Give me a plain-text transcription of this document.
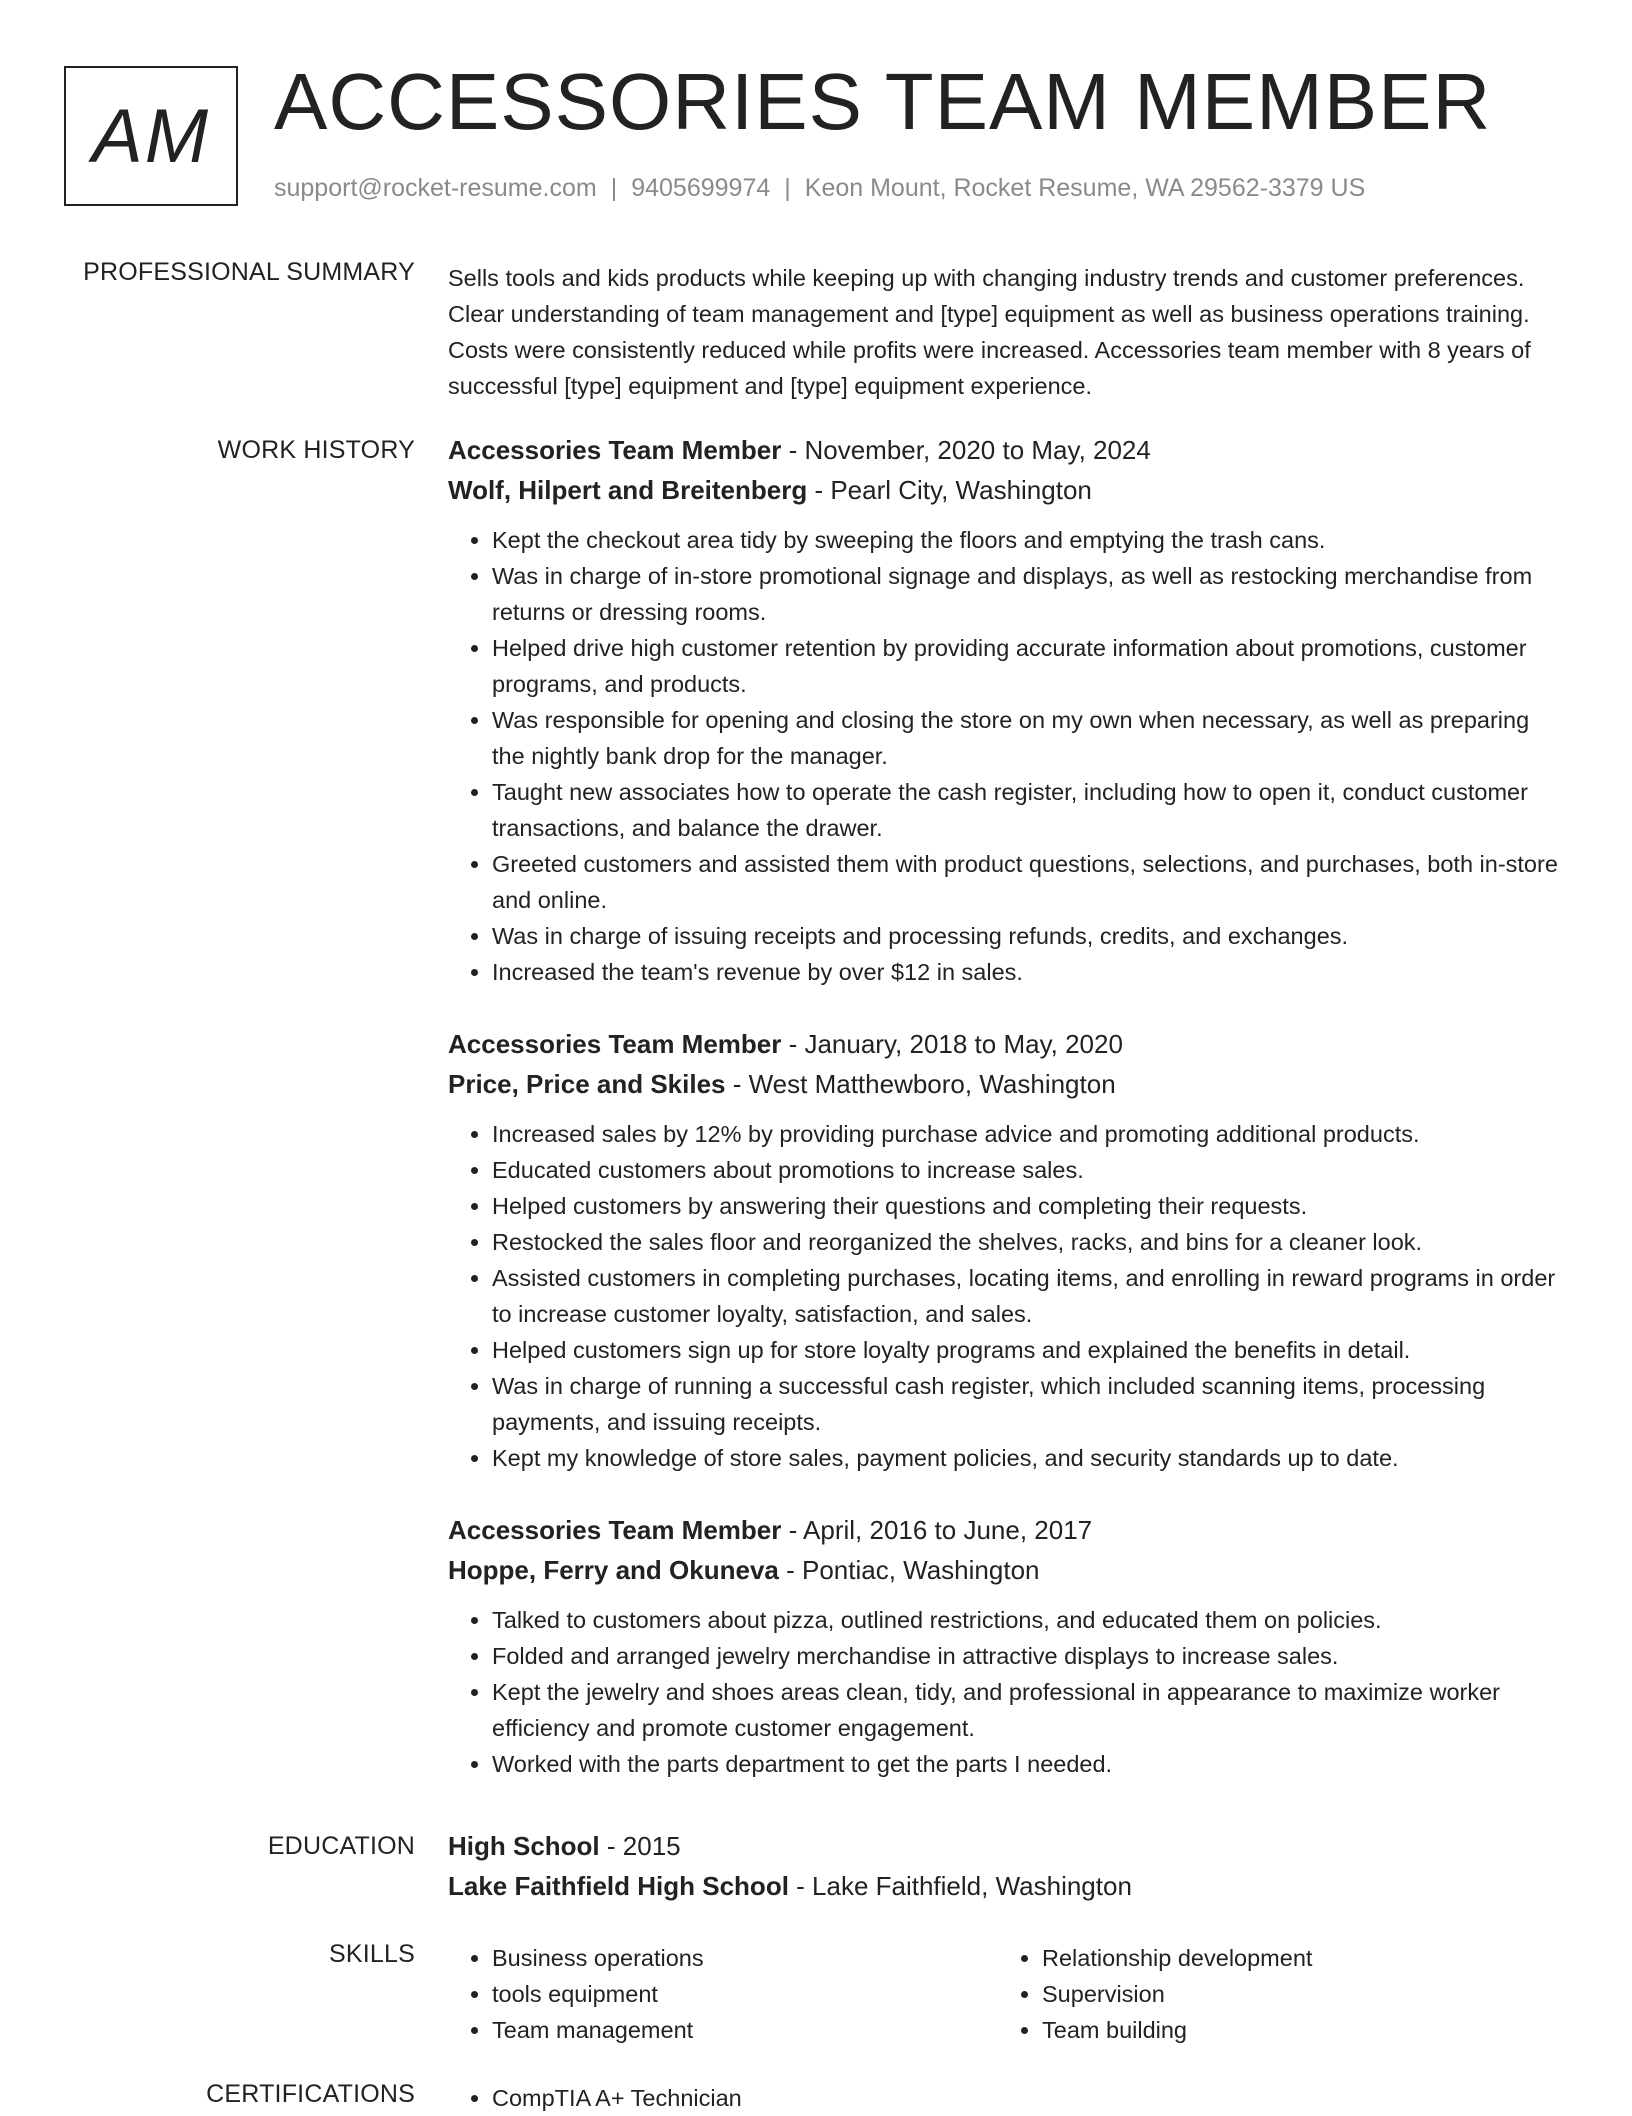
AM ACCESSORIES TEAM MEMBER
support@rocket-resume.com | 9405699974 | Keon Mount, Rocket Resume, WA 29562-3379 US
PROFESSIONAL SUMMARY Sells tools and kids products while keeping up with changing industry trends and customer preferences. Clear understanding of team management and [type] equipment as well as business operations training. Costs were consistently reduced while profits were increased. Accessories team member with 8 years of successful [type] equipment and [type] equipment experience.
WORK HISTORY Accessories Team Member - November, 2020 to May, 2024

Wolf, Hilpert and Breitenberg - Pearl City, Washington

• Kept the checkout area tidy by sweeping the floors and emptying the trash cans.
• Was in charge of in-store promotional signage and displays, as well as restocking merchandise from returns or dressing rooms.
• Helped drive high customer retention by providing accurate information about promotions, customer programs, and products.
• Was responsible for opening and closing the store on my own when necessary, as well as preparing the nightly bank drop for the manager.
• Taught new associates how to operate the cash register, including how to open it, conduct customer transactions, and balance the drawer.
• Greeted customers and assisted them with product questions, selections, and purchases, both in-store and online.
• Was in charge of issuing receipts and processing refunds, credits, and exchanges.
• Increased the team's revenue by over $12 in sales.

Accessories Team Member - January, 2018 to May, 2020

Price, Price and Skiles - West Matthewboro, Washington

• Increased sales by 12% by providing purchase advice and promoting additional products.
• Educated customers about promotions to increase sales.
• Helped customers by answering their questions and completing their requests.
• Restocked the sales floor and reorganized the shelves, racks, and bins for a cleaner look.
• Assisted customers in completing purchases, locating items, and enrolling in reward programs in order to increase customer loyalty, satisfaction, and sales.
• Helped customers sign up for store loyalty programs and explained the benefits in detail.
• Was in charge of running a successful cash register, which included scanning items, processing payments, and issuing receipts.
• Kept my knowledge of store sales, payment policies, and security standards up to date.

Accessories Team Member - April, 2016 to June, 2017

Hoppe, Ferry and Okuneva - Pontiac, Washington

• Talked to customers about pizza, outlined restrictions, and educated them on policies.
• Folded and arranged jewelry merchandise in attractive displays to increase sales.
• Kept the jewelry and shoes areas clean, tidy, and professional in appearance to maximize worker efficiency and promote customer engagement.
• Worked with the parts department to get the parts I needed.
EDUCATION High School - 2015

Lake Faithfield High School - Lake Faithfield, Washington

SKILLS	• Business operations
• tools equipment
• Team management
• Relationship development
• Supervision
• Team building
CERTIFICATIONS	• CompTIA A+ Technician
